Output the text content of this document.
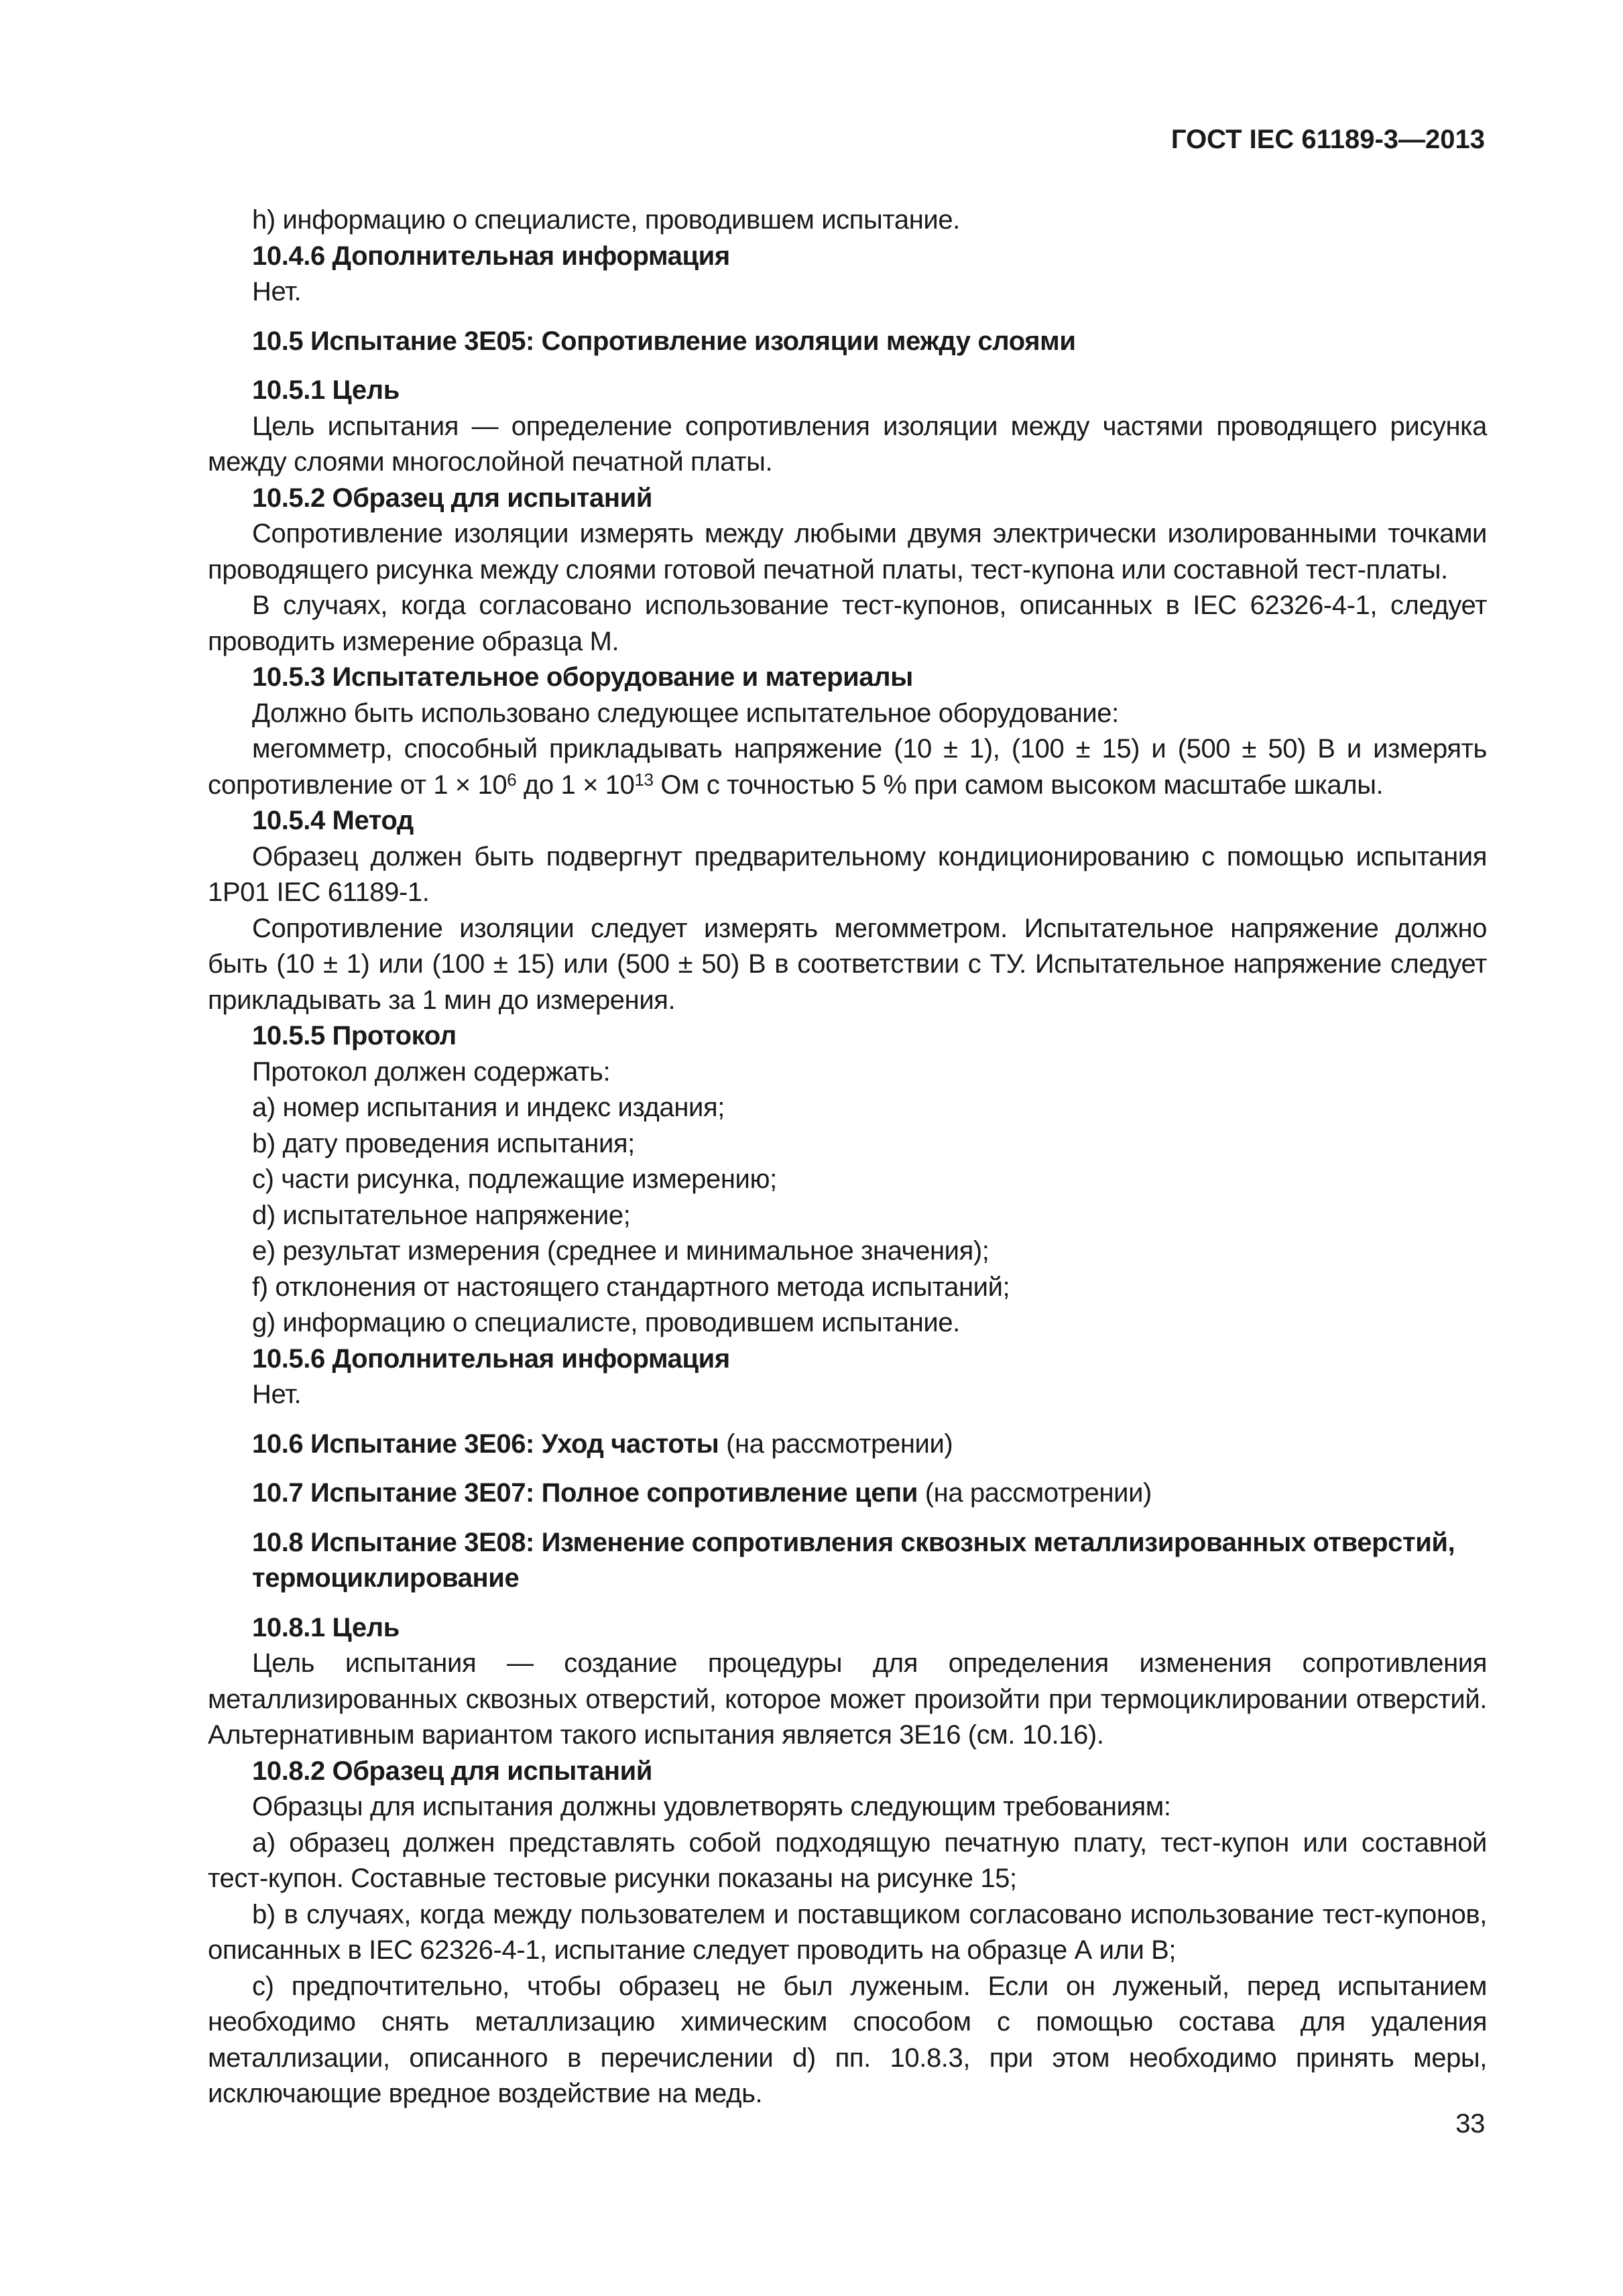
ГОСТ IEC 61189-3—2013

h) информацию о специалисте, проводившем испытание.

10.4.6 Дополнительная информация

Нет.

10.5 Испытание 3E05: Сопротивление изоляции между слоями

10.5.1 Цель

Цель испытания — определение сопротивления изоляции между частями проводящего рисунка между слоями многослойной печатной платы.

10.5.2 Образец для испытаний

Сопротивление изоляции измерять между любыми двумя электрически изолированными точками проводящего рисунка между слоями готовой печатной платы, тест-купона или составной тест-платы.

В случаях, когда согласовано использование тест-купонов, описанных в IEC 62326-4-1, следует проводить измерение образца М.

10.5.3 Испытательное оборудование и материалы

Должно быть использовано следующее испытательное оборудование:

мегомметр, способный прикладывать напряжение (10 ± 1), (100 ± 15) и (500 ± 50) В и измерять сопротивление от $1 \times 10^6$ до $1 \times 10^{13}$ Ом с точностью 5 % при самом высоком масштабе шкалы.

10.5.4 Метод

Образец должен быть подвергнут предварительному кондиционированию с помощью испытания 1Р01 IEC 61189-1.

Сопротивление изоляции следует измерять мегомметром. Испытательное напряжение должно быть (10 ± 1) или (100 ± 15) или (500 ± 50) В в соответствии с ТУ. Испытательное напряжение следует прикладывать за 1 мин до измерения.

10.5.5 Протокол

Протокол должен содержать:

a) номер испытания и индекс издания;

b) дату проведения испытания;

c) части рисунка, подлежащие измерению;

d) испытательное напряжение;

e) результат измерения (среднее и минимальное значения);

f) отклонения от настоящего стандартного метода испытаний;

g) информацию о специалисте, проводившем испытание.

10.5.6 Дополнительная информация

Нет.

10.6 Испытание 3E06: Уход частоты (на рассмотрении)

10.7 Испытание 3E07: Полное сопротивление цепи (на рассмотрении)

10.8 Испытание 3E08: Изменение сопротивления сквозных металлизированных отверстий, термоциклирование

10.8.1 Цель

Цель испытания — создание процедуры для определения изменения сопротивления металлизированных сквозных отверстий, которое может произойти при термоциклировании отверстий. Альтернативным вариантом такого испытания является 3Е16 (см. 10.16).

10.8.2 Образец для испытаний

Образцы для испытания должны удовлетворять следующим требованиям:

a) образец должен представлять собой подходящую печатную плату, тест-купон или составной тест-купон. Составные тестовые рисунки показаны на рисунке 15;

b) в случаях, когда между пользователем и поставщиком согласовано использование тест-купонов, описанных в IEC 62326-4-1, испытание следует проводить на образце А или В;

c) предпочтительно, чтобы образец не был луженым. Если он луженый, перед испытанием необходимо снять металлизацию химическим способом с помощью состава для удаления металлизации, описанного в перечислении d) пп. 10.8.3, при этом необходимо принять меры, исключающие вредное воздействие на медь.

33
